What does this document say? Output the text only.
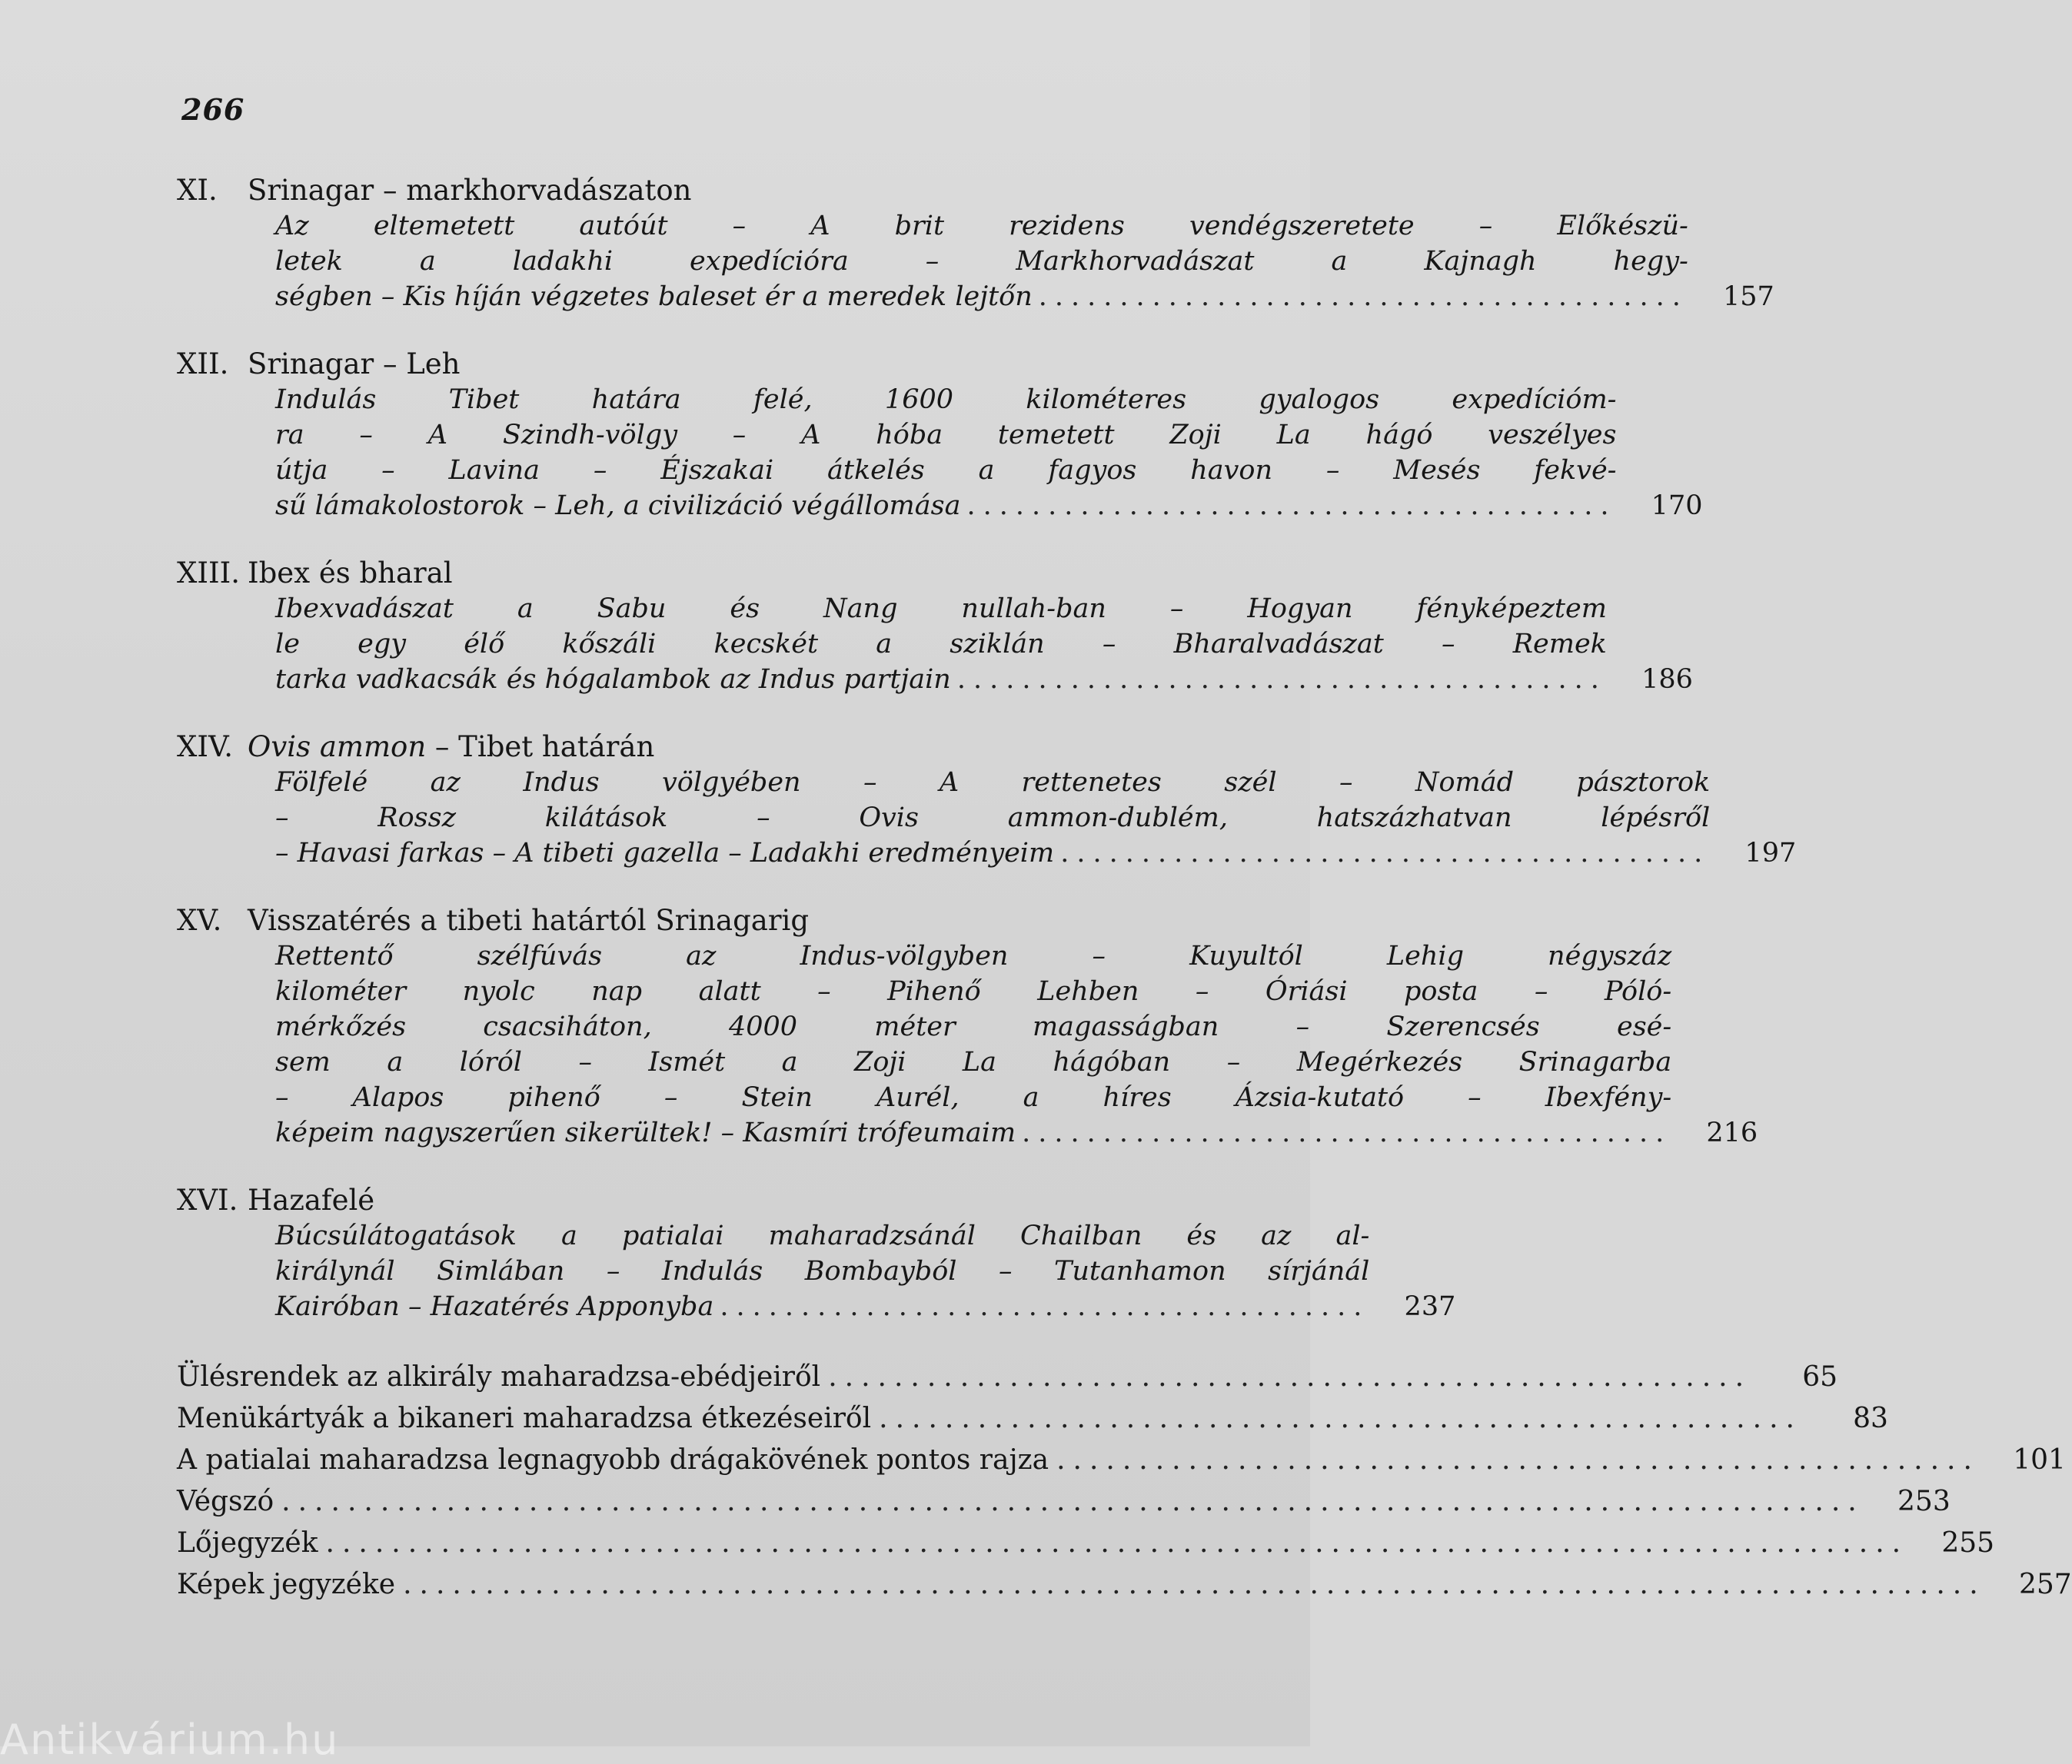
266
XI.	Srinagar – markhorvadászaton
Az eltemetett autóút – A brit rezidens vendégszeretete – Előkészü-
letek a ladakhi expedícióra – Markhorvadászat a Kajnagh hegy-
ségben – Kis híján végzetes baleset ér a meredek lejtőn ........................................	157
XII. Srinagar – Leh
Indulás Tibet határa felé, 1600 kilométeres gyalogos expedícióm-
ra – A Szindh-völgy – A hóba temetett Zoji La hágó veszélyes
útja – Lavina – Éjszakai átkelés a fagyos havon – Mesés fekvé-
sű lámakolostorok – Leh, a civilizáció végállomása ........................................	170
XIII. Ibex és bharal
Ibexvadászat a Sabu és Nang nullah-ban – Hogyan fényképeztem
le egy élő kőszáli kecskét a sziklán – Bharalvadászat – Remek
tarka vadkacsák és hógalambok az Indus partjain ........................................	186
XIV. Ovis ammon – Tibet határán
Fölfelé az Indus völgyében – A rettenetes szél – Nomád pásztorok
– Rossz kilátások – Ovis ammon-dublém, hatszázhatvan lépésről
– Havasi farkas – A tibeti gazella – Ladakhi eredményeim ........................................	197
XV. Visszatérés a tibeti határtól Srinagarig
Rettentő szélfúvás az Indus-völgyben – Kuyultól Lehig négyszáz
kilométer nyolc nap alatt – Pihenő Lehben – Óriási posta – Póló-
mérkőzés csacsiháton, 4000 méter magasságban – Szerencsés esé-
sem a lóról – Ismét a Zoji La hágóban – Megérkezés Srinagarba
– Alapos pihenő – Stein Aurél, a híres Ázsia-kutató – Ibexfény-
képeim nagyszerűen sikerültek! – Kasmíri trófeumaim ........................................	216
XVI. Hazafelé
Búcsúlátogatások a patialai maharadzsánál Chailban és az al-
királynál Simlában – Indulás Bombayból – Tutanhamon sírjánál
Kairóban – Hazatérés Apponyba ........................................	237
Ülésrendek az alkirály maharadzsa-ebédjeiről ........................................................	65
Menükártyák a bikaneri maharadzsa étkezéseiről ........................................................	83
A patialai maharadzsa legnagyobb drágakövének pontos rajza ........................................................	101
Végszó ................................................................................................	253
Lőjegyzék ................................................................................................	255
Képek jegyzéke ................................................................................................	257
Antikvárium.hu
